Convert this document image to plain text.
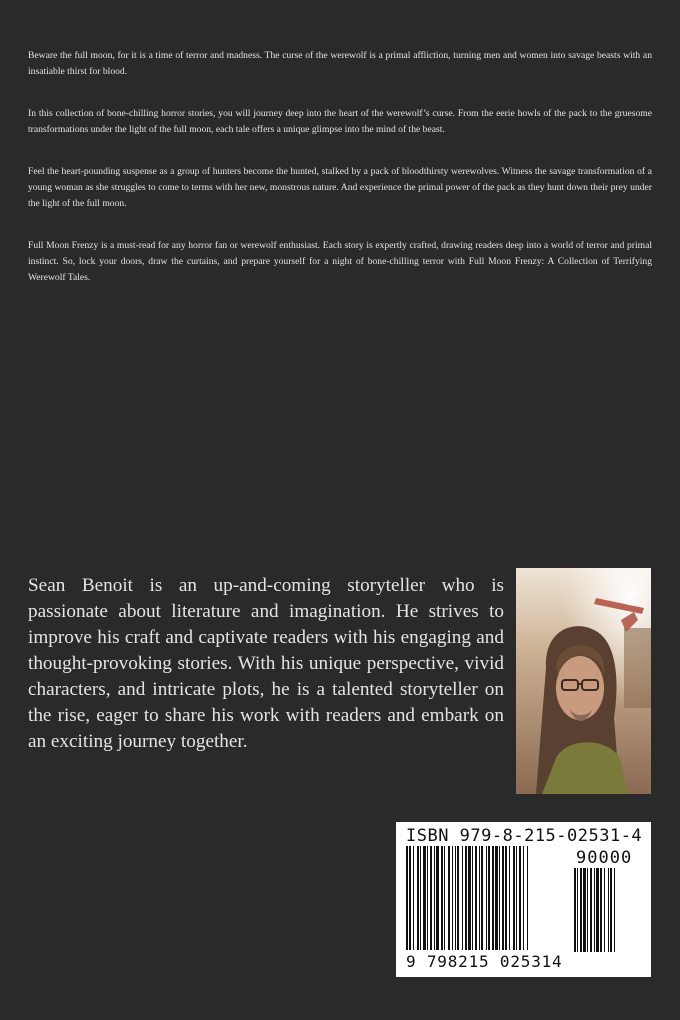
Beware the full moon, for it is a time of terror and madness. The curse of the werewolf is a primal affliction, turning men and women into savage beasts with an insatiable thirst for blood.

In this collection of bone-chilling horror stories, you will journey deep into the heart of the werewolf’s curse. From the eerie howls of the pack to the gruesome transformations under the light of the full moon, each tale offers a unique glimpse into the mind of the beast.

Feel the heart-pounding suspense as a group of hunters become the hunted, stalked by a pack of bloodthirsty werewolves. Witness the savage transformation of a young woman as she struggles to come to terms with her new, monstrous nature. And experience the primal power of the pack as they hunt down their prey under the light of the full moon.

Full Moon Frenzy is a must-read for any horror fan or werewolf enthusiast. Each story is expertly crafted, drawing readers deep into a world of terror and primal instinct. So, lock your doors, draw the curtains, and prepare yourself for a night of bone-chilling terror with Full Moon Frenzy: A Collection of Terrifying Werewolf Tales.

Sean Benoit is an up-and-coming storyteller who is passionate about literature and imagination. He strives to improve his craft and captivate readers with his engaging and thought-provoking stories. With his unique perspective, vivid characters, and intricate plots, he is a talented storyteller on the rise, eager to share his work with readers and embark on an exciting journey together.

ISBN 979-8-215-02531-4
90000
9 798215 025314
